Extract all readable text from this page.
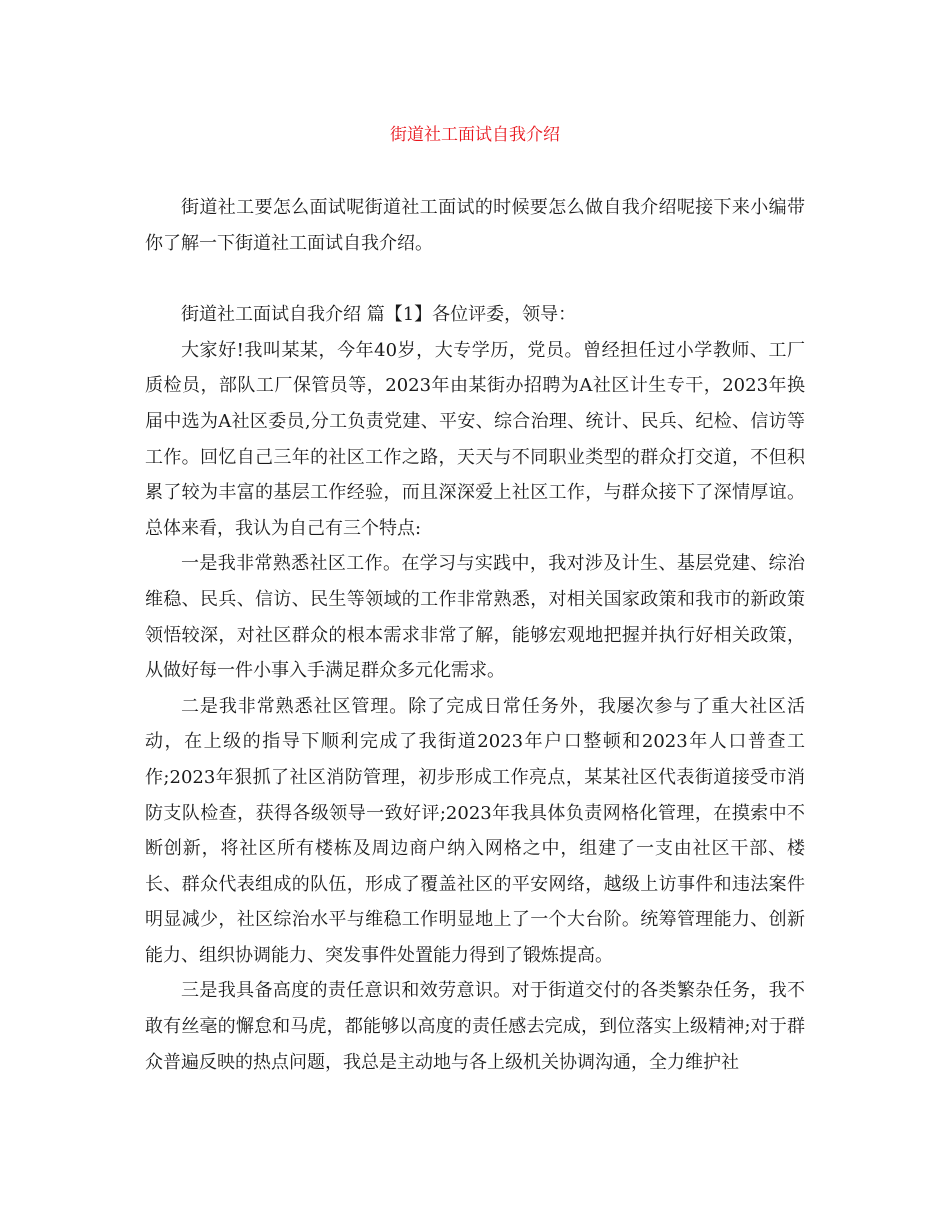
街道社工面试自我介绍

街道社工要怎么面试呢街道社工面试的时候要怎么做自我介绍呢接下来小编带你了解一下街道社工面试自我介绍。

街道社工面试自我介绍 篇【1】各位评委，领导：

大家好!我叫某某，今年40岁，大专学历，党员。曾经担任过小学教师、工厂质检员，部队工厂保管员等，2023年由某街办招聘为A社区计生专干，2023年换届中选为A社区委员,分工负责党建、平安、综合治理、统计、民兵、纪检、信访等工作。回忆自己三年的社区工作之路，天天与不同职业类型的群众打交道，不但积累了较为丰富的基层工作经验，而且深深爱上社区工作，与群众接下了深情厚谊。总体来看，我认为自己有三个特点:

一是我非常熟悉社区工作。在学习与实践中，我对涉及计生、基层党建、综治维稳、民兵、信访、民生等领域的工作非常熟悉，对相关国家政策和我市的新政策领悟较深，对社区群众的根本需求非常了解，能够宏观地把握并执行好相关政策，从做好每一件小事入手满足群众多元化需求。

二是我非常熟悉社区管理。除了完成日常任务外，我屡次参与了重大社区活动，在上级的指导下顺利完成了我街道2023年户口整顿和2023年人口普查工作;2023年狠抓了社区消防管理，初步形成工作亮点，某某社区代表街道接受市消防支队检查，获得各级领导一致好评;2023年我具体负责网格化管理，在摸索中不断创新，将社区所有楼栋及周边商户纳入网格之中，组建了一支由社区干部、楼长、群众代表组成的队伍，形成了覆盖社区的平安网络，越级上访事件和违法案件明显减少，社区综治水平与维稳工作明显地上了一个大台阶。统筹管理能力、创新能力、组织协调能力、突发事件处置能力得到了锻炼提高。

三是我具备高度的责任意识和效劳意识。对于街道交付的各类繁杂任务，我不敢有丝毫的懈怠和马虎，都能够以高度的责任感去完成，到位落实上级精神;对于群众普遍反映的热点问题，我总是主动地与各上级机关协调沟通，全力维护社
